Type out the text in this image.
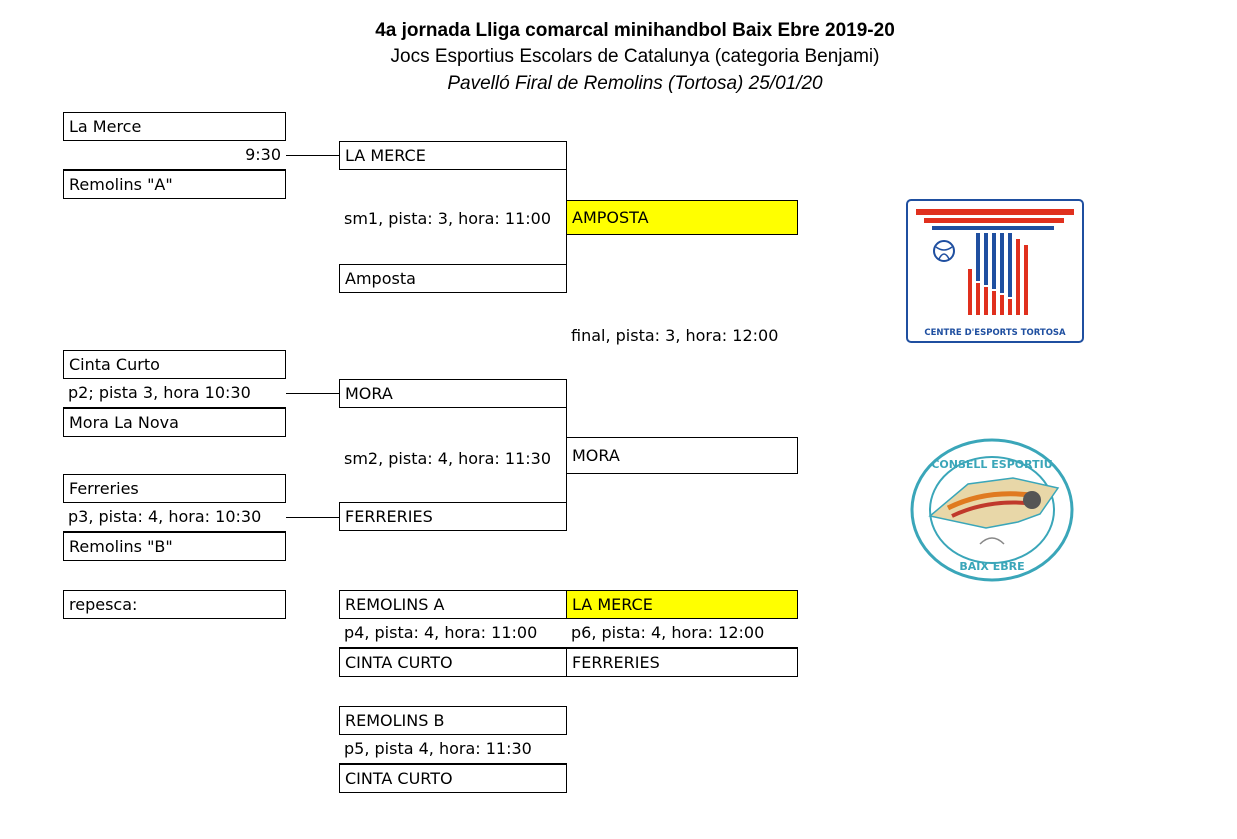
4a jornada Lliga comarcal minihandbol Baix Ebre 2019-20
Jocs Esportius Escolars de Catalunya (categoria Benjami)
Pavelló Firal de Remolins (Tortosa) 25/01/20
La Merce
9:30
Remolins "A"
LA MERCE
sm1, pista: 3, hora: 11:00
Amposta
AMPOSTA
final, pista: 3, hora: 12:00
Cinta Curto
p2; pista 3, hora 10:30
Mora La Nova
MORA
sm2, pista: 4, hora: 11:30
FERRERIES
MORA
Ferreries
p3, pista: 4, hora: 10:30
Remolins "B"
repesca:	REMOLINS A
p4, pista: 4, hora: 11:00
CINTA CURTO
LA MERCE
p6, pista: 4, hora: 12:00
FERRERIES
REMOLINS B
p5, pista 4, hora: 11:30
CINTA CURTO
CENTRE D'ESPORTS TORTOSA
CONSELL ESPORTIU
BAIX EBRE
